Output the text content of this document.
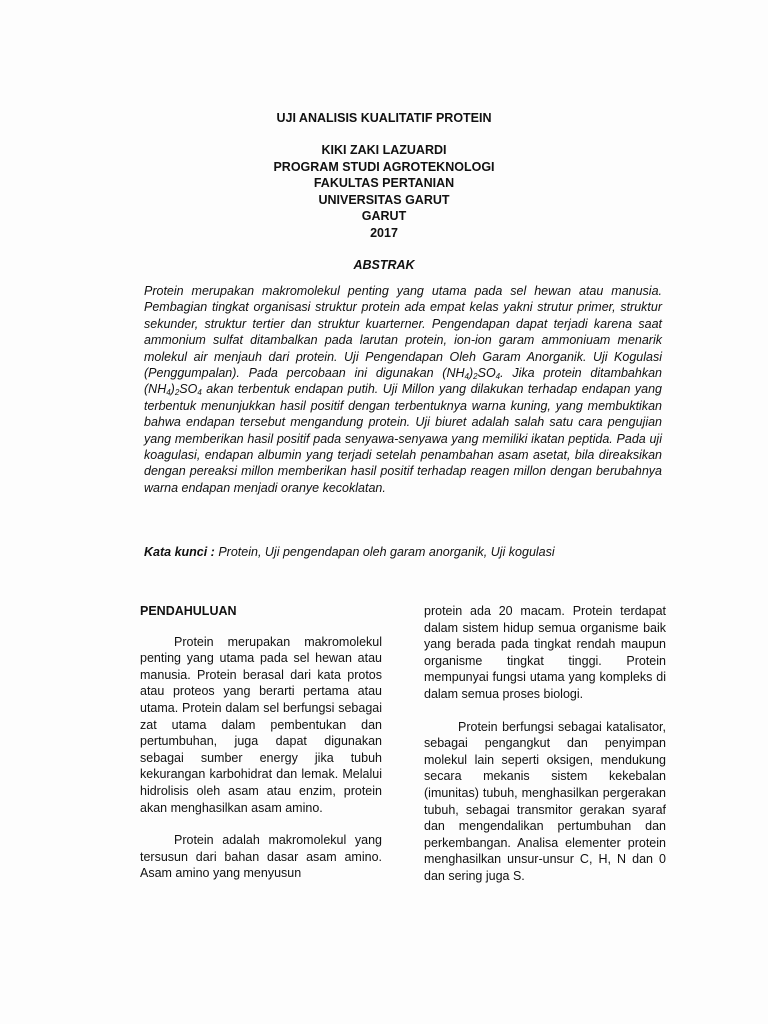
UJI ANALISIS KUALITATIF PROTEIN
KIKI ZAKI LAZUARDI
PROGRAM STUDI AGROTEKNOLOGI
FAKULTAS PERTANIAN
UNIVERSITAS GARUT
GARUT
2017
ABSTRAK
Protein merupakan makromolekul penting yang utama pada sel hewan atau manusia. Pembagian tingkat organisasi struktur protein ada empat kelas yakni strutur primer, struktur sekunder, struktur tertier dan struktur kuarterner. Pengendapan dapat terjadi karena saat ammonium sulfat ditambalkan pada larutan protein, ion-ion garam ammoniuam menarik molekul air menjauh dari protein. Uji Pengendapan Oleh Garam Anorganik. Uji Kogulasi (Penggumpalan). Pada percobaan ini digunakan $(NH_4)_2SO_4$. Jika protein ditambahkan $(NH_4)_2SO_4$ akan terbentuk endapan putih. Uji Millon yang dilakukan terhadap endapan yang terbentuk menunjukkan hasil positif dengan terbentuknya warna kuning, yang membuktikan bahwa endapan tersebut mengandung protein. Uji biuret adalah salah satu cara pengujian yang memberikan hasil positif pada senyawa-senyawa yang memiliki ikatan peptida. Pada uji koagulasi, endapan albumin yang terjadi setelah penambahan asam asetat, bila direaksikan dengan pereaksi millon memberikan hasil positif terhadap reagen millon dengan berubahnya warna endapan menjadi oranye kecoklatan.
Kata kunci : Protein, Uji pengendapan oleh garam anorganik, Uji kogulasi
PENDAHULUAN

Protein merupakan makromolekul penting yang utama pada sel hewan atau manusia. Protein berasal dari kata protos atau proteos yang berarti pertama atau utama. Protein dalam sel berfungsi sebagai zat utama dalam pembentukan dan pertumbuhan, juga dapat digunakan sebagai sumber energy jika tubuh kekurangan karbohidrat dan lemak. Melalui hidrolisis oleh asam atau enzim, protein akan menghasilkan asam amino.

Protein adalah makromolekul yang tersusun dari bahan dasar asam amino. Asam amino yang menyusun

protein ada 20 macam. Protein terdapat dalam sistem hidup semua organisme baik yang berada pada tingkat rendah maupun organisme tingkat tinggi. Protein mempunyai fungsi utama yang kompleks di dalam semua proses biologi.

Protein berfungsi sebagai katalisator, sebagai pengangkut dan penyimpan molekul lain seperti oksigen, mendukung secara mekanis sistem kekebalan (imunitas) tubuh, menghasilkan pergerakan tubuh, sebagai transmitor gerakan syaraf dan mengendalikan pertumbuhan dan perkembangan. Analisa elementer protein menghasilkan unsur-unsur C, H, N dan 0 dan sering juga S.
